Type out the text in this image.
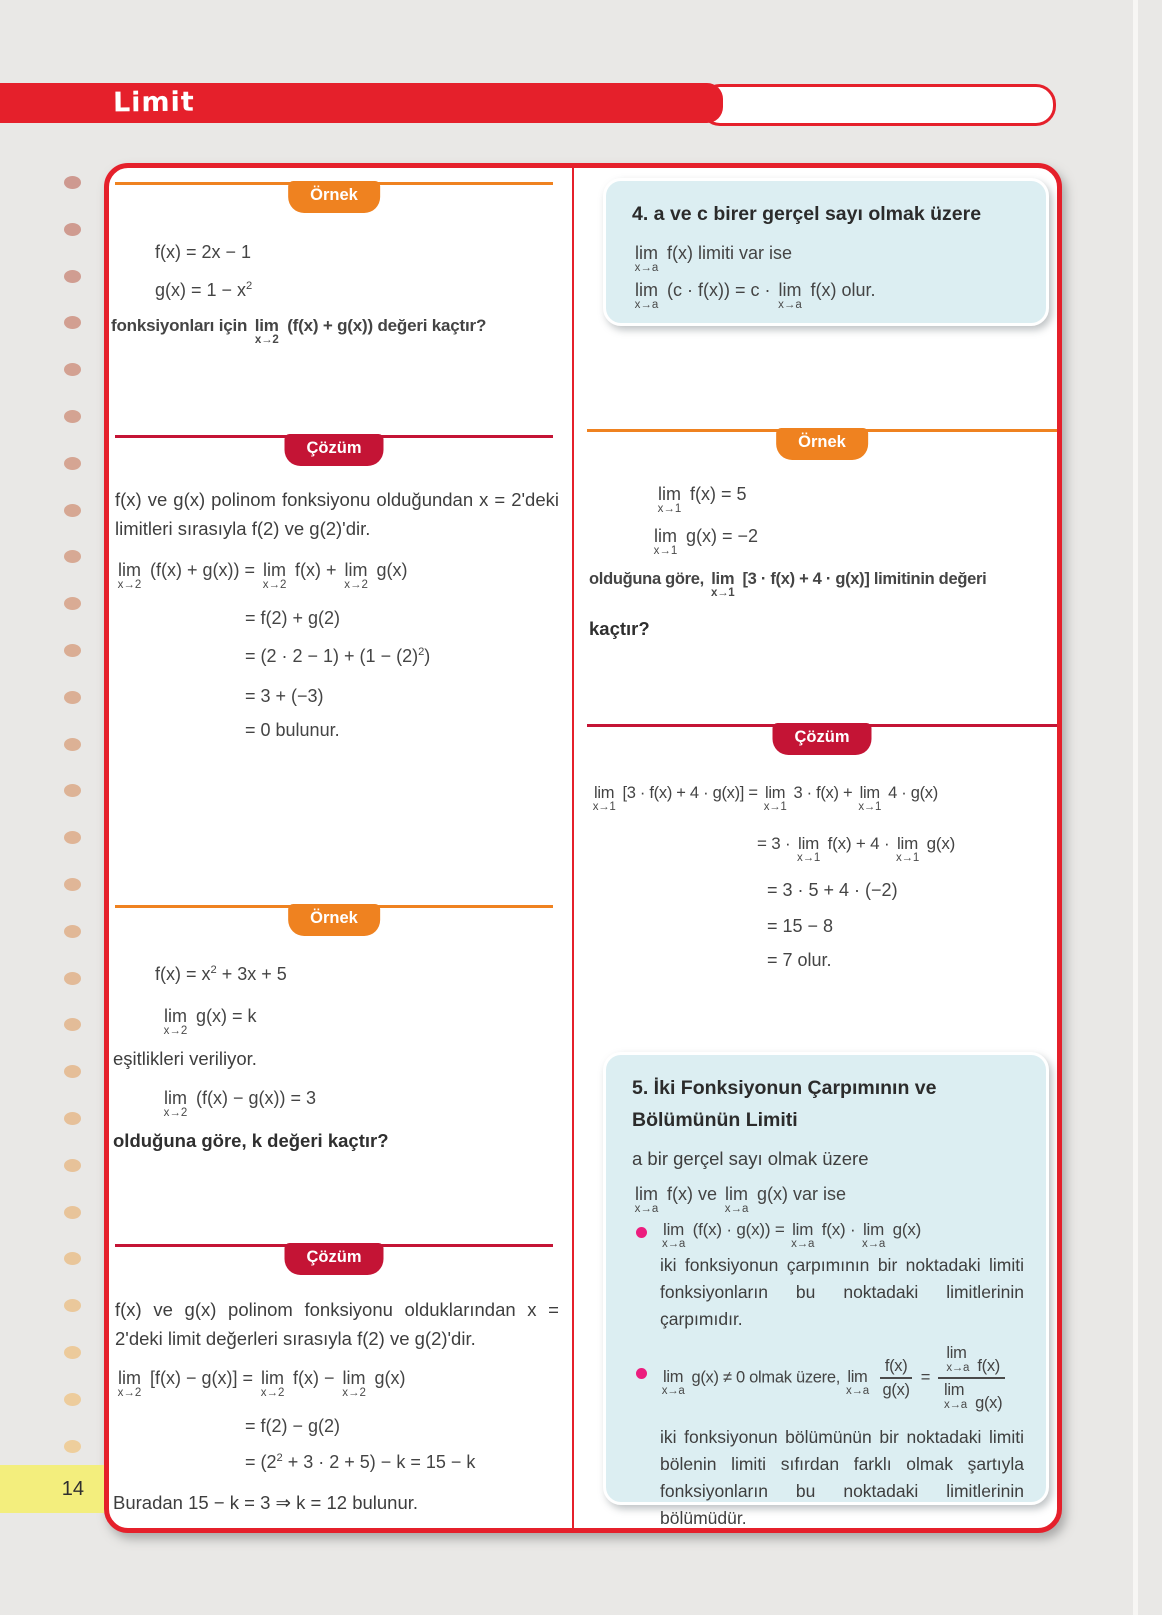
Limit
14
Örnek
f(x) = 2x − 1
$g(x) = 1 - x^2$
fonksiyonları için lim
x→2
(f(x) + g(x)) değeri kaçtır?
Çözüm
f(x) ve g(x) polinom fonksiyonu olduğundan x = 2'deki limitleri sırasıyla f(2) ve g(2)'dir.
lim
x→2
(f(x) + g(x)) = lim
x→2
f(x) + lim
x→2
g(x)
= f(2) + g(2)
= $(2 \cdot 2 - 1) + (1 - (2)^2)$
= 3 + (−3)
= 0 bulunur.
Örnek
$f(x) = x^2 + 3x + 5$
lim
x→2
g(x) = k
eşitlikleri veriliyor.
lim
x→2
(f(x) − g(x)) = 3
olduğuna göre, k değeri kaçtır?
Çözüm
f(x) ve g(x) polinom fonksiyonu olduklarından x = 2'deki limit değerleri sırasıyla f(2) ve g(2)'dir.
lim
x→2
[f(x) − g(x)] = lim
x→2
f(x) − lim
x→2
g(x)
= f(2) − g(2)
= $(2^2 + 3 \cdot 2 + 5) - k = 15 - k$
Buradan 15 − k = 3 ⇒ k = 12 bulunur.
4. a ve c birer gerçel sayı olmak üzere
lim
x→a
f(x) limiti var ise
lim
x→a
(c · f(x)) = c · lim
x→a
f(x) olur.
Örnek
lim
x→1
f(x) = 5
lim
x→1
g(x) = −2
olduğuna göre, lim
x→1
[3 · f(x) + 4 · g(x)] limitinin değeri
kaçtır?
Çözüm
lim
x→1
[3 · f(x) + 4 · g(x)] = lim
x→1
3 · f(x) + lim
x→1
4 · g(x)
= 3 · lim
x→1
f(x) + 4 · lim
x→1
g(x)
= 3 · 5 + 4 · (−2)
= 15 − 8
= 7 olur.
5. İki Fonksiyonun Çarpımının ve Bölümünün Limiti
a bir gerçel sayı olmak üzere
lim
x→a
f(x) ve lim
x→a
g(x) var ise
lim
x→a
(f(x) · g(x)) = lim
x→a
f(x) · lim
x→a
g(x)
iki fonksiyonun çarpımının bir noktadaki limiti fonksiyonların bu noktadaki limitlerinin çarpımıdır.
lim
x→a
g(x) ≠ 0 olmak üzere, lim
x→a
$\frac{f(x)}{g(x)} = \lim$
x→a f(x)
lim
x→a g(x)
iki fonksiyonun bölümünün bir noktadaki limiti bölenin limiti sıfırdan farklı olmak şartıyla fonksiyonların bu noktadaki limitlerinin bölümüdür.
